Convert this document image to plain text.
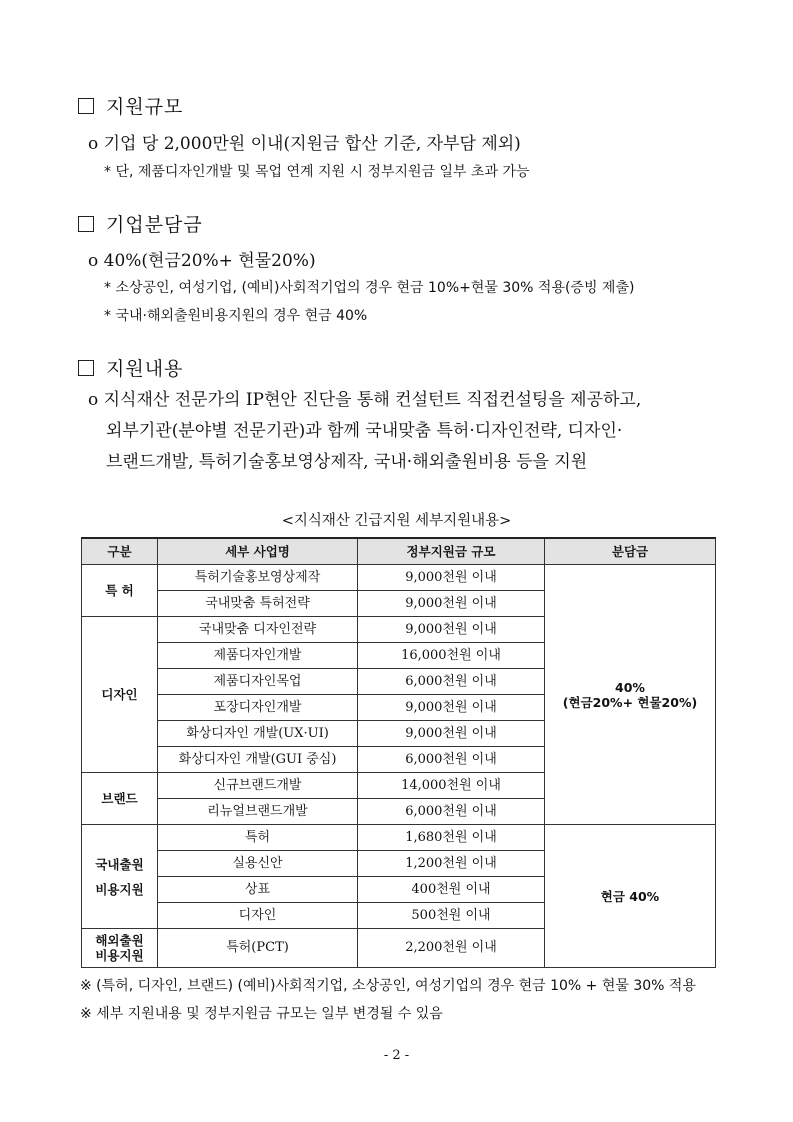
지원규모
o 기업 당 2,000만원 이내(지원금 합산 기준, 자부담 제외)
* 단, 제품디자인개발 및 목업 연계 지원 시 정부지원금 일부 초과 가능
기업분담금
o 40%(현금20%+ 현물20%)
* 소상공인, 여성기업, (예비)사회적기업의 경우 현금 10%+현물 30% 적용(증빙 제출)
* 국내·해외출원비용지원의 경우 현금 40%
지원내용
o 지식재산 전문가의 IP현안 진단을 통해 컨설턴트 직접컨설팅을 제공하고,
외부기관(분야별 전문기관)과 함께 국내맞춤 특허·디자인전략, 디자인·
브랜드개발, 특허기술홍보영상제작, 국내·해외출원비용 등을 지원
<지식재산 긴급지원 세부지원내용>
구분	세부 사업명	정부지원금 규모	분담금
특 허	특허기술홍보영상제작	9,000천원 이내	40%
(현금20%+ 현물20%)

	국내맞춤 특허전략	9,000천원 이내	
디자인	국내맞춤 디자인전략	9,000천원 이내	
	제품디자인개발	16,000천원 이내	
	제품디자인목업	6,000천원 이내	
	포장디자인개발	9,000천원 이내	
	화상디자인 개발(UX·UI)	9,000천원 이내	
	화상디자인 개발(GUI 중심)	6,000천원 이내	
브랜드	신규브랜드개발	14,000천원 이내	
	리뉴얼브랜드개발	6,000천원 이내	

국내출원
비용지원	특허	1,680천원 이내	현금 40%
	실용신안	1,200천원 이내	
	상표	400천원 이내	
	디자인	500천원 이내	

해외출원
비용지원	특허(PCT)	2,200천원 이내	
※ (특허, 디자인, 브랜드) (예비)사회적기업, 소상공인, 여성기업의 경우 현금 10% + 현물 30% 적용
※ 세부 지원내용 및 정부지원금 규모는 일부 변경될 수 있음
- 2 -
